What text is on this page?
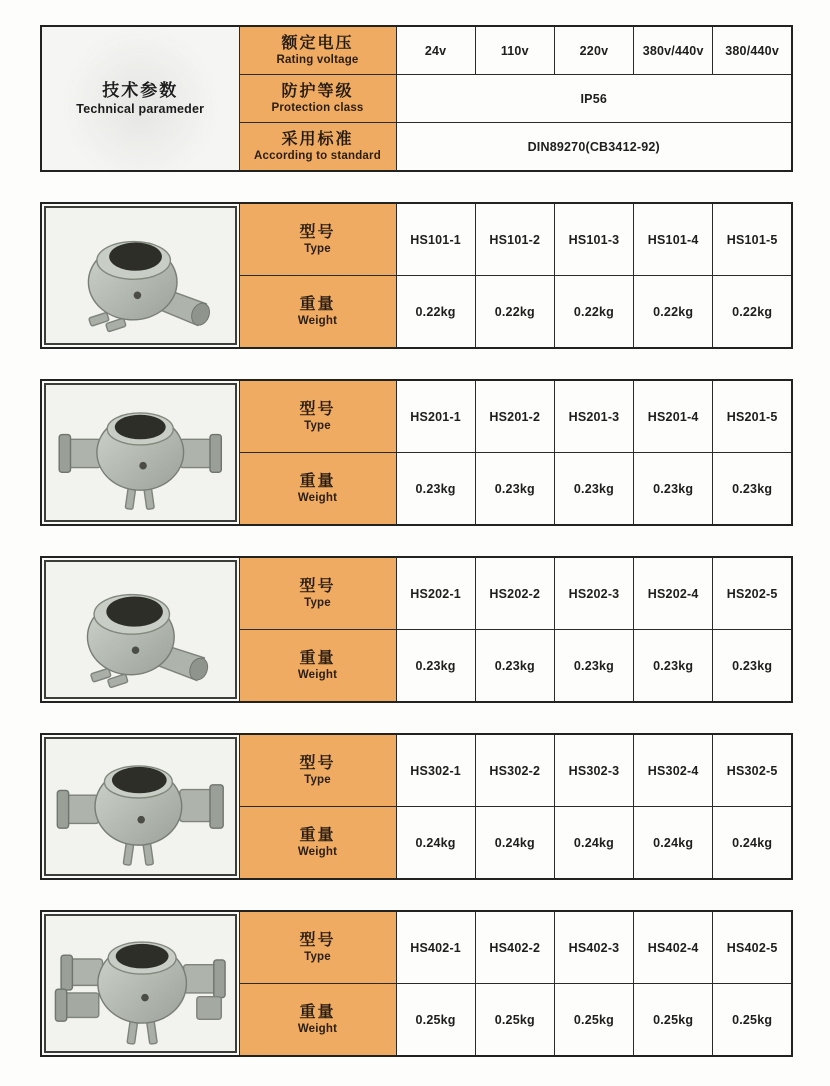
技术参数
Technical parameder

额定电压
Rating voltage
	24v	110v	220v	380v/440v	380/440v

	防护等级
Protection class	IP56				

	采用标准
According to standard	DIN89270(CB3412-92)				

型号
Type	HS101-1	HS101-2	HS101-3	HS101-4	HS101-5

	重量
Weight	0.22kg	0.22kg	0.22kg	0.22kg	0.22kg

型号
Type	HS201-1	HS201-2	HS201-3	HS201-4	HS201-5

	重量
Weight	0.23kg	0.23kg	0.23kg	0.23kg	0.23kg

型号
Type	HS202-1	HS202-2	HS202-3	HS202-4	HS202-5

	重量
Weight	0.23kg	0.23kg	0.23kg	0.23kg	0.23kg

型号
Type	HS302-1	HS302-2	HS302-3	HS302-4	HS302-5

	重量
Weight	0.24kg	0.24kg	0.24kg	0.24kg	0.24kg

型号
Type	HS402-1	HS402-2	HS402-3	HS402-4	HS402-5

	重量
Weight	0.25kg	0.25kg	0.25kg	0.25kg	0.25kg
